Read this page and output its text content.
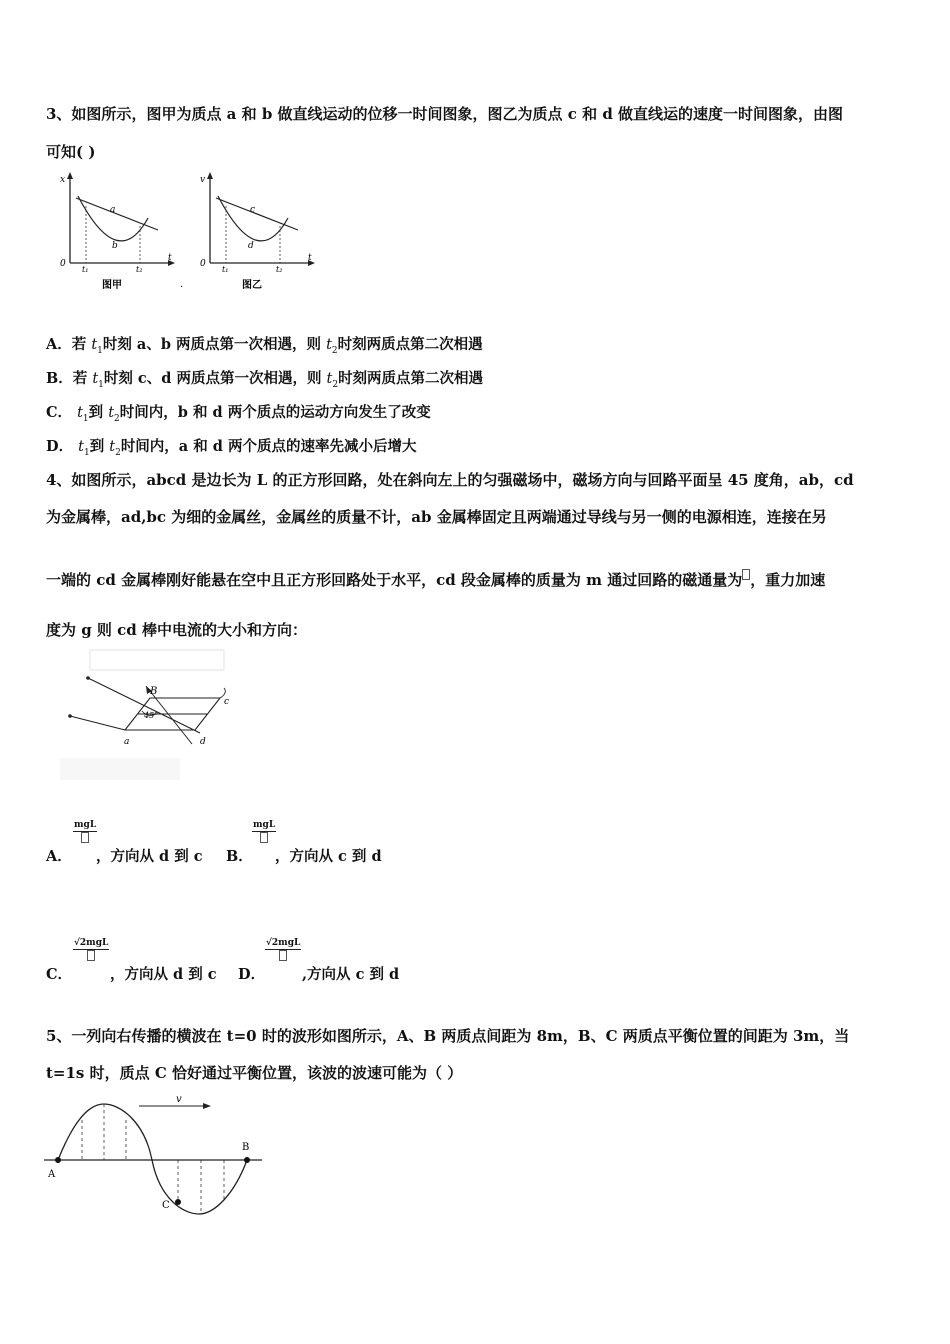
3、如图所示，图甲为质点 a 和 b 做直线运动的位移一时间图象，图乙为质点 c 和 d 做直线运的速度一时间图象，由图
可知( )
x
0
t
t₁	t₂
a
b
图甲	·
v
0
t
t₁	t₂
c
d
图乙
A．若 $t_1$时刻 a、b 两质点第一次相遇，则 $t_2$时刻两质点第二次相遇
B．若 $t_1$时刻 c、d 两质点第一次相遇，则 $t_2$时刻两质点第二次相遇
C． $t_1$到 $t_2$时间内，b 和 d 两个质点的运动方向发生了改变
D． $t_1$到 $t_2$时间内，a 和 d 两个质点的速率先减小后增大
4、如图所示，abcd 是边长为 L 的正方形回路，处在斜向左上的匀强磁场中，磁场方向与回路平面呈 45 度角，ab，cd
为金属棒，ad,bc 为细的金属丝，金属丝的质量不计，ab 金属棒固定且两端通过导线与另一侧的电源相连，连接在另
一端的 cd 金属棒刚好能悬在空中且正方形回路处于水平，cd 段金属棒的质量为 m 通过回路的磁通量为 ，重力加速
度为 g 则 cd 棒中电流的大小和方向：
B
45°
a
c
d
A．
mgL
，方向从 d 到 c B．
mgL
，方向从 c 到 d
C．
√2mgL
，方向从 d 到 c D．
√2mgL
,方向从 c 到 d
5、一列向右传播的横波在 t=0 时的波形如图所示，A、B 两质点间距为 8m，B、C 两质点平衡位置的间距为 3m，当
t=1s 时，质点 C 恰好通过平衡位置，该波的波速可能为（ ）
v
A
B
C
